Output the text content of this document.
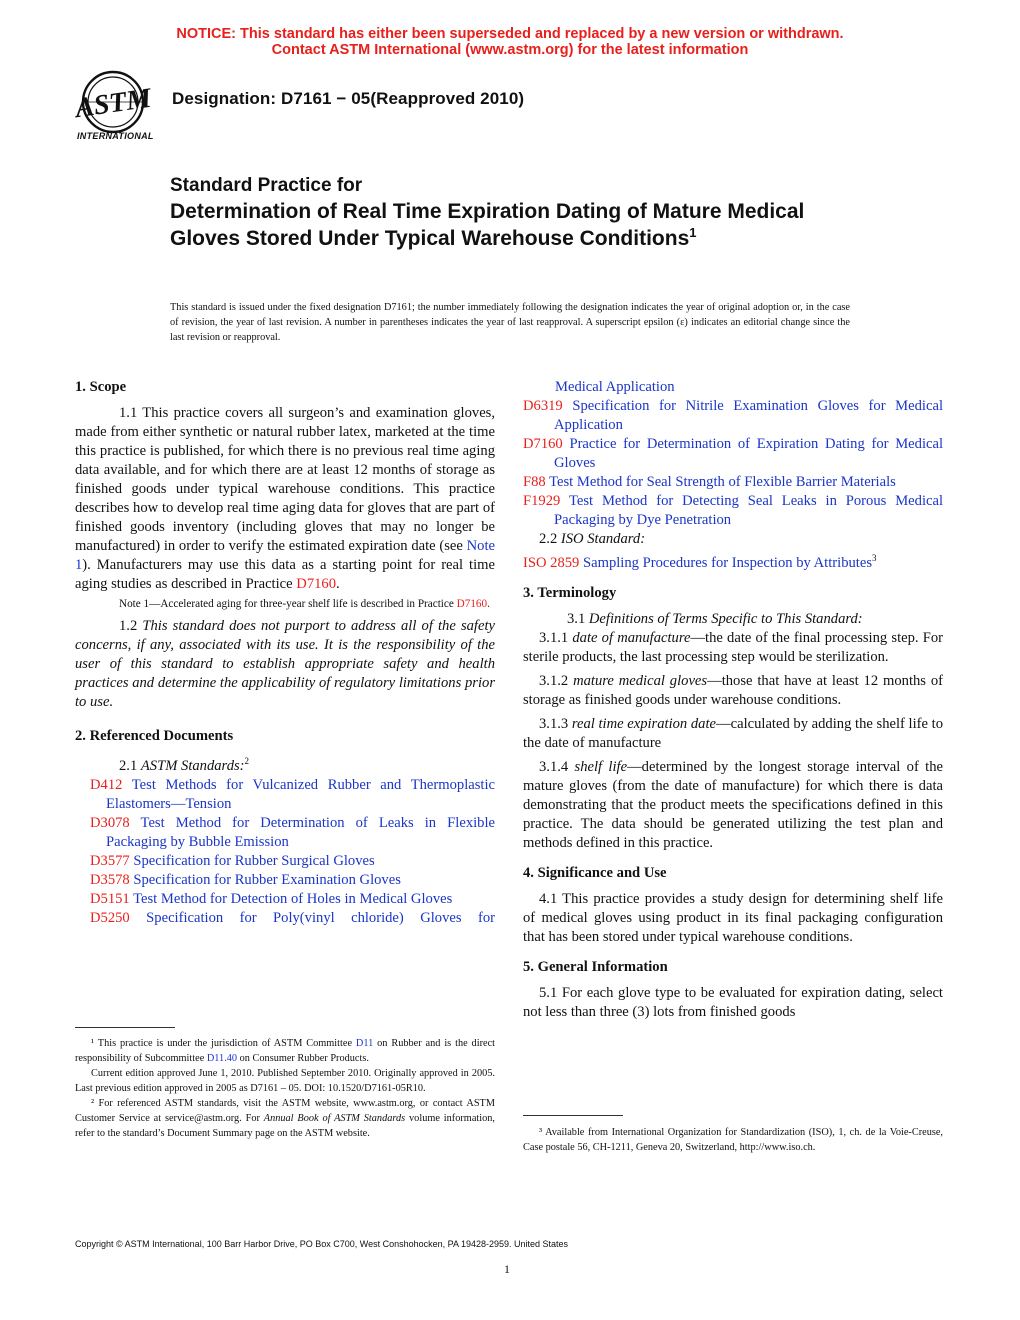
NOTICE: This standard has either been superseded and replaced by a new version or withdrawn.
Contact ASTM International (www.astm.org) for the latest information
ASTM
INTERNATIONAL
Designation: D7161 − 05(Reapproved 2010)
Standard Practice for
Determination of Real Time Expiration Dating of Mature Medical Gloves Stored Under Typical Warehouse Conditions$^1$
This standard is issued under the fixed designation D7161; the number immediately following the designation indicates the year of original adoption or, in the case of revision, the year of last revision. A number in parentheses indicates the year of last reapproval. A superscript epsilon (ε) indicates an editorial change since the last revision or reapproval.
1. Scope
1.1 This practice covers all surgeon’s and examination gloves, made from either synthetic or natural rubber latex, marketed at the time this practice is published, for which there is no previous real time aging data available, and for which there are at least 12 months of storage as finished goods under typical warehouse conditions. This practice describes how to develop real time aging data for gloves that are part of finished goods inventory (including gloves that may no longer be manufactured) in order to verify the estimated expiration date (see Note 1). Manufacturers may use this data as a starting point for real time aging studies as described in Practice D7160.
Note 1—Accelerated aging for three-year shelf life is described in Practice D7160.
1.2 This standard does not purport to address all of the safety concerns, if any, associated with its use. It is the responsibility of the user of this standard to establish appropriate safety and health practices and determine the applicability of regulatory limitations prior to use.
2. Referenced Documents
2.1 ASTM Standards:$^2$
D412 Test Methods for Vulcanized Rubber and Thermoplastic Elastomers—Tension
D3078 Test Method for Determination of Leaks in Flexible Packaging by Bubble Emission
D3577 Specification for Rubber Surgical Gloves
D3578 Specification for Rubber Examination Gloves
D5151 Test Method for Detection of Holes in Medical Gloves
D5250 Specification for Poly(vinyl chloride) Gloves for
¹ This practice is under the jurisdiction of ASTM Committee D11 on Rubber and is the direct responsibility of Subcommittee D11.40 on Consumer Rubber Products.
Current edition approved June 1, 2010. Published September 2010. Originally approved in 2005. Last previous edition approved in 2005 as D7161 – 05. DOI: 10.1520/D7161-05R10.
² For referenced ASTM standards, visit the ASTM website, www.astm.org, or contact ASTM Customer Service at service@astm.org. For Annual Book of ASTM Standards volume information, refer to the standard’s Document Summary page on the ASTM website.
Medical Application
D6319 Specification for Nitrile Examination Gloves for Medical Application
D7160 Practice for Determination of Expiration Dating for Medical Gloves
F88 Test Method for Seal Strength of Flexible Barrier Materials
F1929 Test Method for Detecting Seal Leaks in Porous Medical Packaging by Dye Penetration
2.2 ISO Standard:
ISO 2859 Sampling Procedures for Inspection by Attributes$^3$
3. Terminology
3.1 Definitions of Terms Specific to This Standard:
3.1.1 date of manufacture—the date of the final processing step. For sterile products, the last processing step would be sterilization.
3.1.2 mature medical gloves—those that have at least 12 months of storage as finished goods under warehouse conditions.
3.1.3 real time expiration date—calculated by adding the shelf life to the date of manufacture
3.1.4 shelf life—determined by the longest storage interval of the mature gloves (from the date of manufacture) for which there is data demonstrating that the product meets the specifications defined in this practice. The data should be generated utilizing the test plan and methods defined in this practice.
4. Significance and Use
4.1 This practice provides a study design for determining shelf life of medical gloves using product in its final packaging configuration that has been stored under typical warehouse conditions.
5. General Information
5.1 For each glove type to be evaluated for expiration dating, select not less than three (3) lots from finished goods
³ Available from International Organization for Standardization (ISO), 1, ch. de la Voie-Creuse, Case postale 56, CH-1211, Geneva 20, Switzerland, http://www.iso.ch.
Copyright © ASTM International, 100 Barr Harbor Drive, PO Box C700, West Conshohocken, PA 19428-2959. United States
1
